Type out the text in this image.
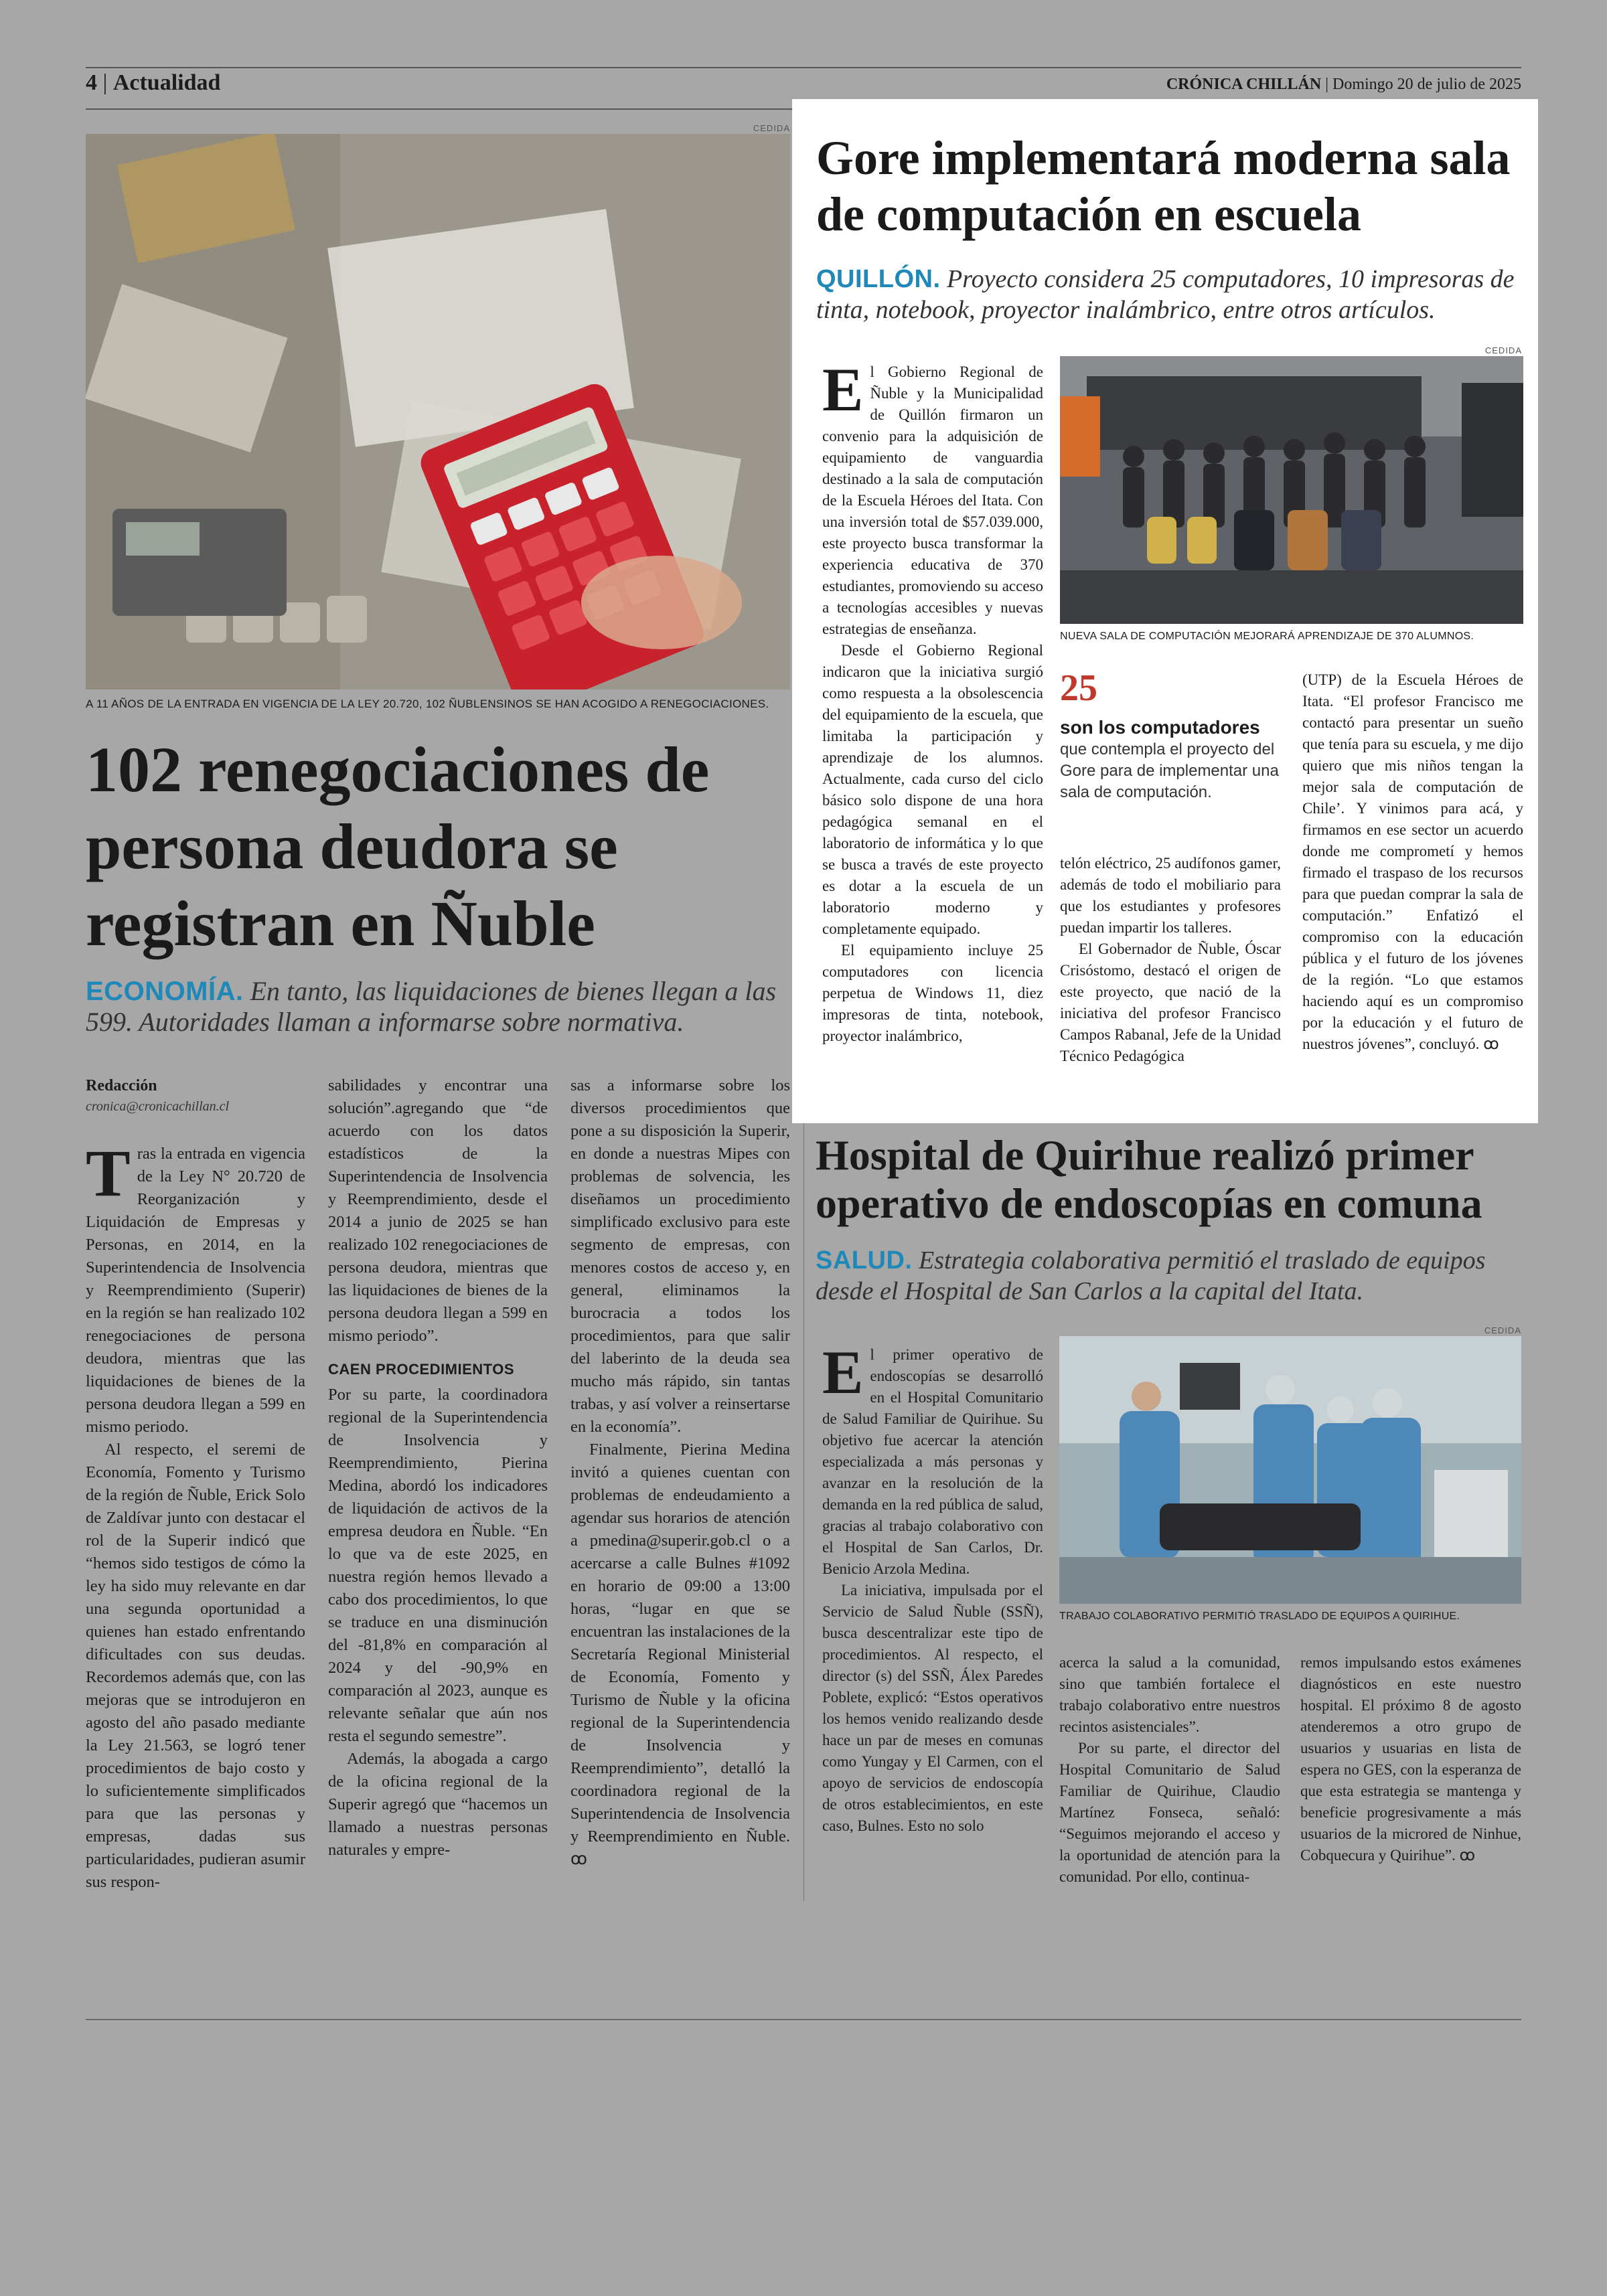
4 | Actualidad	CRÓNICA CHILLÁN | Domingo 20 de julio de 2025
CEDIDA
A 11 AÑOS DE LA ENTRADA EN VIGENCIA DE LA LEY 20.720, 102 ÑUBLENSINOS SE HAN ACOGIDO A RENEGOCIACIONES.
102 renegociaciones de persona deudora se registran en Ñuble

ECONOMÍA. En tanto, las liquidaciones de bienes llegan a las 599. Autoridades llaman a informarse sobre normativa.

Redacción
cronica@cronicachillan.cl

Tras la entrada en vigencia de la Ley N° 20.720 de Reorganización y Liquidación de Empresas y Personas, en 2014, en la Superintendencia de Insolvencia y Reemprendimiento (Superir) en la región se han realizado 102 renegociaciones de persona deudora, mientras que las liquidaciones de bienes de la persona deudora llegan a 599 en mismo periodo.

Al respecto, el seremi de Economía, Fomento y Turismo de la región de Ñuble, Erick Solo de Zaldívar junto con destacar el rol de la Superir indicó que “hemos sido testigos de cómo la ley ha sido muy relevante en dar una segunda oportunidad a quienes han estado enfrentando dificultades con sus deudas. Recordemos además que, con las mejoras que se introdujeron en agosto del año pasado mediante la Ley 21.563, se logró tener procedimientos de bajo costo y lo suficientemente simplificados para que las personas y empresas, dadas sus particularidades, pudieran asumir sus respon-

sabilidades y encontrar una solución”.agregando que “de acuerdo con los datos estadísticos de la Superintendencia de Insolvencia y Reemprendimiento, desde el 2014 a junio de 2025 se han realizado 102 renegociaciones de persona deudora, mientras que las liquidaciones de bienes de la persona deudora llegan a 599 en mismo periodo”.

CAEN PROCEDIMIENTOS

Por su parte, la coordinadora regional de la Superintendencia de Insolvencia y Reemprendimiento, Pierina Medina, abordó los indicadores de liquidación de activos de la empresa deudora en Ñuble. “En lo que va de este 2025, en nuestra región hemos llevado a cabo dos procedimientos, lo que se traduce en una disminución del -81,8% en comparación al 2024 y del -90,9% en comparación al 2023, aunque es relevante señalar que aún nos resta el segundo semestre”.

Además, la abogada a cargo de la oficina regional de la Superir agregó que “hacemos un llamado a nuestras personas naturales y empre-

sas a informarse sobre los diversos procedimientos que pone a su disposición la Superir, en donde a nuestras Mipes con problemas de solvencia, les diseñamos un procedimiento simplificado exclusivo para este segmento de empresas, con menores costos de acceso y, en general, eliminamos la burocracia a todos los procedimientos, para que salir del laberinto de la deuda sea mucho más rápido, sin tantas trabas, y así volver a reinsertarse en la economía”.

Finalmente, Pierina Medina invitó a quienes cuentan con problemas de endeudamiento a agendar sus horarios de atención a pmedina@superir.gob.cl o a acercarse a calle Bulnes #1092 en horario de 09:00 a 13:00 horas, “lugar en que se encuentran las instalaciones de la Secretaría Regional Ministerial de Economía, Fomento y Turismo de Ñuble y la oficina regional de la Superintendencia de Insolvencia y Reemprendimiento”, detalló la coordinadora regional de la Superintendencia de Insolvencia y Reemprendimiento en Ñuble. ꝏ

Gore implementará moderna sala de computación en escuela

QUILLÓN. Proyecto considera 25 computadores, 10 impresoras de tinta, notebook, proyector inalámbrico, entre otros artículos.

CEDIDA
NUEVA SALA DE COMPUTACIÓN MEJORARÁ APRENDIZAJE DE 370 ALUMNOS.

El Gobierno Regional de Ñuble y la Municipalidad de Quillón firmaron un convenio para la adquisición de equipamiento de vanguardia destinado a la sala de computación de la Escuela Héroes del Itata. Con una inversión total de $57.039.000, este proyecto busca transformar la experiencia educativa de 370 estudiantes, promoviendo su acceso a tecnologías accesibles y nuevas estrategias de enseñanza.

Desde el Gobierno Regional indicaron que la iniciativa surgió como respuesta a la obsolescencia del equipamiento de la escuela, que limitaba la participación y aprendizaje de los alumnos. Actualmente, cada curso del ciclo básico solo dispone de una hora pedagógica semanal en el laboratorio de informática y lo que se busca a través de este proyecto es dotar a la escuela de un laboratorio moderno y completamente equipado.

El equipamiento incluye 25 computadores con licencia perpetua de Windows 11, diez impresoras de tinta, notebook, proyector inalámbrico,

25
son los computadores
que contempla el proyecto del Gore para de implementar una sala de computación.

telón eléctrico, 25 audífonos gamer, además de todo el mobiliario para que los estudiantes y profesores puedan impartir los talleres.

El Gobernador de Ñuble, Óscar Crisóstomo, destacó el origen de este proyecto, que nació de la iniciativa del profesor Francisco Campos Rabanal, Jefe de la Unidad Técnico Pedagógica

(UTP) de la Escuela Héroes de Itata. “El profesor Francisco me contactó para presentar un sueño que tenía para su escuela, y me dijo quiero que mis niños tengan la mejor sala de computación de Chile’. Y vinimos para acá, y firmamos en ese sector un acuerdo donde me comprometí y hemos firmado el traspaso de los recursos para que puedan comprar la sala de computación.” Enfatizó el compromiso con la educación pública y el futuro de los jóvenes de la región. “Lo que estamos haciendo aquí es un compromiso por la educación y el futuro de nuestros jóvenes”, concluyó. ꝏ

Hospital de Quirihue realizó primer operativo de endoscopías en comuna

SALUD. Estrategia colaborativa permitió el traslado de equipos desde el Hospital de San Carlos a la capital del Itata.

CEDIDA
TRABAJO COLABORATIVO PERMITIÓ TRASLADO DE EQUIPOS A QUIRIHUE.

El primer operativo de endoscopías se desarrolló en el Hospital Comunitario de Salud Familiar de Quirihue. Su objetivo fue acercar la atención especializada a más personas y avanzar en la resolución de la demanda en la red pública de salud, gracias al trabajo colaborativo con el Hospital de San Carlos, Dr. Benicio Arzola Medina.

La iniciativa, impulsada por el Servicio de Salud Ñuble (SSÑ), busca descentralizar este tipo de procedimientos. Al respecto, el director (s) del SSÑ, Álex Paredes Poblete, explicó: “Estos operativos los hemos venido realizando desde hace un par de meses en comunas como Yungay y El Carmen, con el apoyo de servicios de endoscopía de otros establecimientos, en este caso, Bulnes. Esto no solo

acerca la salud a la comunidad, sino que también fortalece el trabajo colaborativo entre nuestros recintos asistenciales”.

Por su parte, el director del Hospital Comunitario de Salud Familiar de Quirihue, Claudio Martínez Fonseca, señaló: “Seguimos mejorando el acceso y la oportunidad de atención para la comunidad. Por ello, continua-

remos impulsando estos exámenes diagnósticos en este nuestro hospital. El próximo 8 de agosto atenderemos a otro grupo de usuarios y usuarias en lista de espera no GES, con la esperanza de que esta estrategia se mantenga y beneficie progresivamente a más usuarios de la microred de Ninhue, Cobquecura y Quirihue”. ꝏ
